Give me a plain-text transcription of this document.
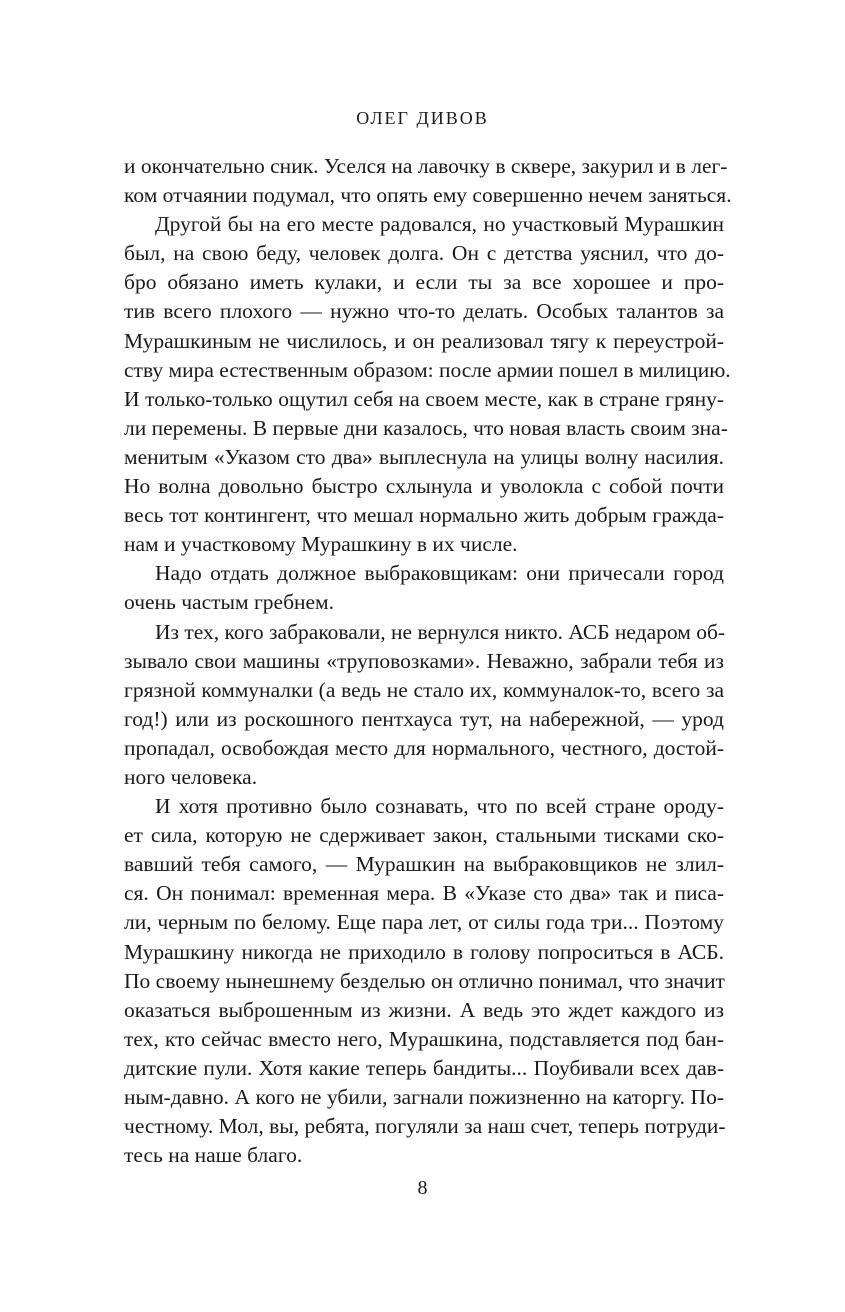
ОЛЕГ ДИВОВ
и окончательно сник. Уселся на лавочку в сквере, закурил и в лег-
ком отчаянии подумал, что опять ему совершенно нечем заняться.
Другой бы на его месте радовался, но участковый Мурашкин
был, на свою беду, человек долга. Он с детства уяснил, что до-
бро обязано иметь кулаки, и если ты за все хорошее и про-
тив всего плохого — нужно что-то делать. Особых талантов за
Мурашкиным не числилось, и он реализовал тягу к переустрой-
ству мира естественным образом: после армии пошел в милицию.
И только-только ощутил себя на своем месте, как в стране гряну-
ли перемены. В первые дни казалось, что новая власть своим зна-
менитым «Указом сто два» выплеснула на улицы волну насилия.
Но волна довольно быстро схлынула и уволокла с собой почти
весь тот контингент, что мешал нормально жить добрым гражда-
нам и участковому Мурашкину в их числе.
Надо отдать должное выбраковщикам: они причесали город
очень частым гребнем.
Из тех, кого забраковали, не вернулся никто. АСБ недаром об-
зывало свои машины «труповозками». Неважно, забрали тебя из
грязной коммуналки (а ведь не стало их, коммуналок-то, всего за
год!) или из роскошного пентхауса тут, на набережной, — урод
пропадал, освобождая место для нормального, честного, достой-
ного человека.
И хотя противно было сознавать, что по всей стране ороду-
ет сила, которую не сдерживает закон, стальными тисками ско-
вавший тебя самого, — Мурашкин на выбраковщиков не злил-
ся. Он понимал: временная мера. В «Указе сто два» так и писа-
ли, черным по белому. Еще пара лет, от силы года три... Поэтому
Мурашкину никогда не приходило в голову попроситься в АСБ.
По своему нынешнему безделью он отлично понимал, что значит
оказаться выброшенным из жизни. А ведь это ждет каждого из
тех, кто сейчас вместо него, Мурашкина, подставляется под бан-
дитские пули. Хотя какие теперь бандиты... Поубивали всех дав-
ным-давно. А кого не убили, загнали пожизненно на каторгу. По-
честному. Мол, вы, ребята, погуляли за наш счет, теперь потруди-
тесь на наше благо.
8
